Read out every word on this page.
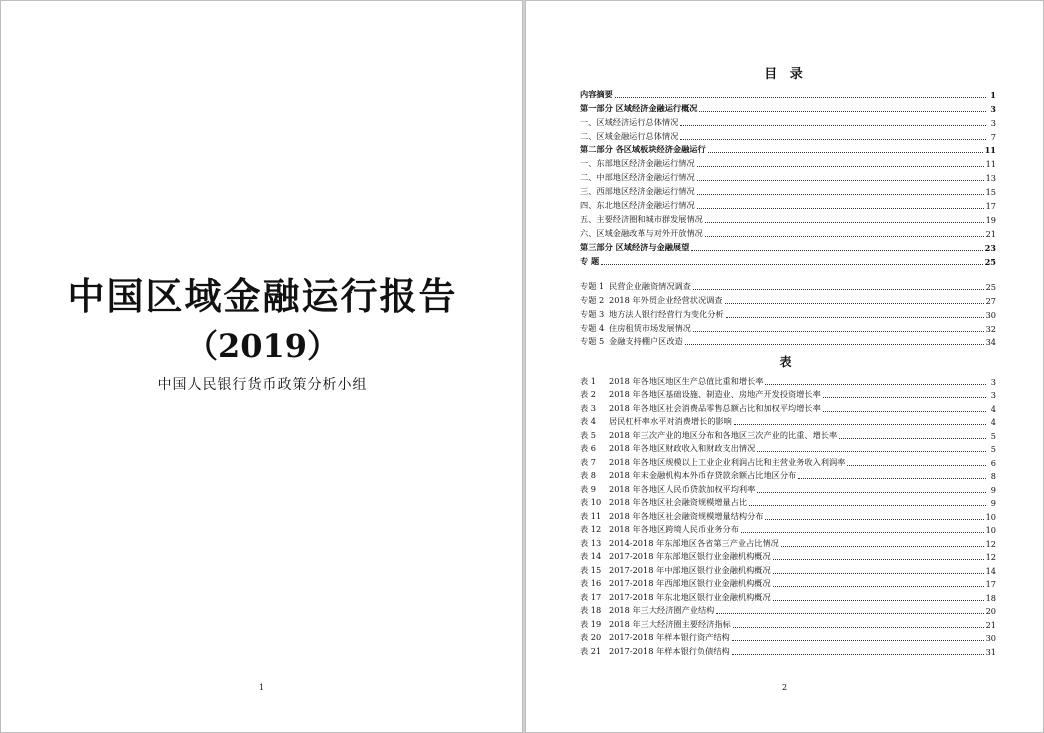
中国区域金融运行报告
（2019）
中国人民银行货币政策分析小组
1
目 录
内容摘要	1
第一部分 区域经济金融运行概况	3
一、区域经济运行总体情况	3
二、区域金融运行总体情况	7
第二部分 各区域板块经济金融运行	11
一、东部地区经济金融运行情况	11
二、中部地区经济金融运行情况	13
三、西部地区经济金融运行情况	15
四、东北地区经济金融运行情况	17
五、主要经济圈和城市群发展情况	19
六、区域金融改革与对外开放情况	21
第三部分 区域经济与金融展望	23
专 题	25
专题 1 民营企业融资情况调查	25
专题 2 2018 年外贸企业经营状况调查	27
专题 3 地方法人银行经营行为变化分析	30
专题 4 住房租赁市场发展情况	32
专题 5 金融支持棚户区改造	34
表
表 1	2018 年各地区地区生产总值比重和增长率	3
表 2	2018 年各地区基础设施、制造业、房地产开发投资增长率	3
表 3	2018 年各地区社会消费品零售总额占比和加权平均增长率	4
表 4	居民杠杆率水平对消费增长的影响	4
表 5	2018 年三次产业的地区分布和各地区三次产业的比重、增长率	5
表 6	2018 年各地区财政收入和财政支出情况	5
表 7	2018 年各地区规模以上工业企业利润占比和主营业务收入利润率	6
表 8	2018 年末金融机构本外币存贷款余额占比地区分布	8
表 9	2018 年各地区人民币贷款加权平均利率	9
表 10 2018 年各地区社会融资规模增量占比	9
表 11 2018 年各地区社会融资规模增量结构分布	10
表 12 2018 年各地区跨境人民币业务分布	10
表 13 2014-2018 年东部地区各省第三产业占比情况	12
表 14 2017-2018 年东部地区银行业金融机构概况	12
表 15 2017-2018 年中部地区银行业金融机构概况	14
表 16 2017-2018 年西部地区银行业金融机构概况	17
表 17 2017-2018 年东北地区银行业金融机构概况	18
表 18 2018 年三大经济圈产业结构	20
表 19 2018 年三大经济圈主要经济指标	21
表 20 2017-2018 年样本银行资产结构	30
表 21 2017-2018 年样本银行负债结构	31
2
